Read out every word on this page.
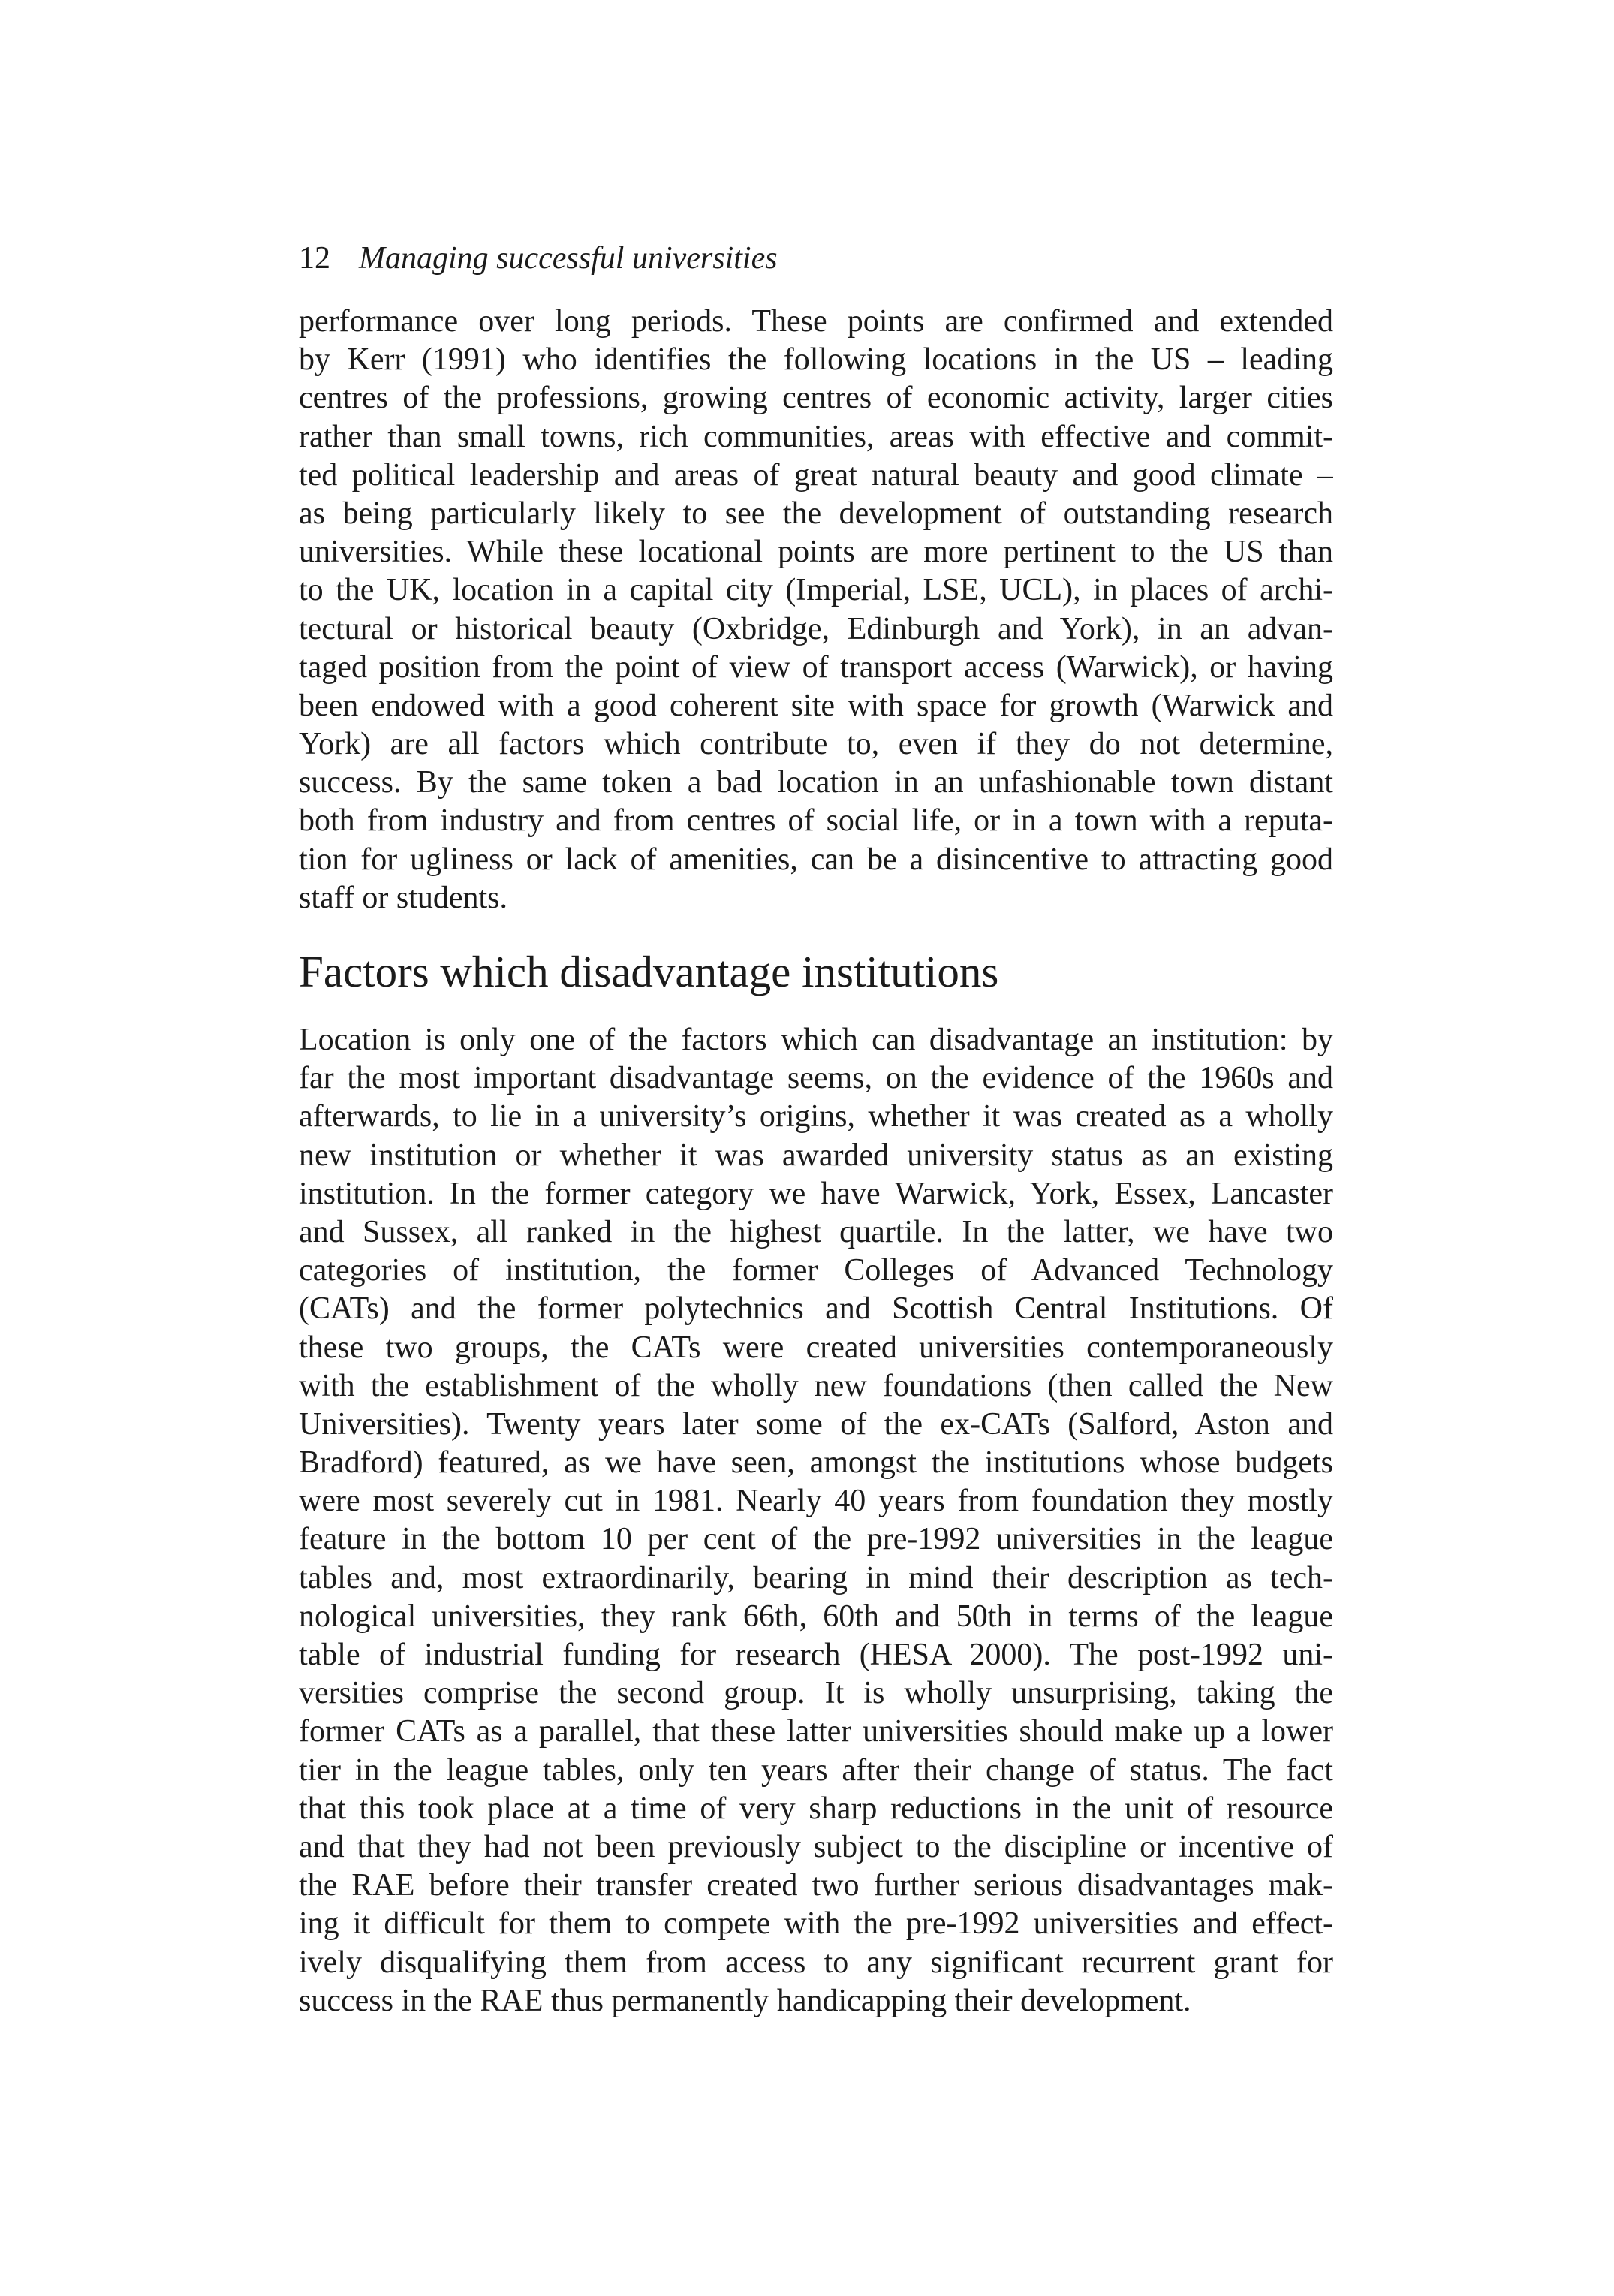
12 Managing successful universities
performance over long periods. These points are confirmed and extended
by Kerr (1991) who identifies the following locations in the US – leading
centres of the professions, growing centres of economic activity, larger cities
rather than small towns, rich communities, areas with effective and commit-
ted political leadership and areas of great natural beauty and good climate –
as being particularly likely to see the development of outstanding research
universities. While these locational points are more pertinent to the US than
to the UK, location in a capital city (Imperial, LSE, UCL), in places of archi-
tectural or historical beauty (Oxbridge, Edinburgh and York), in an advan-
taged position from the point of view of transport access (Warwick), or having
been endowed with a good coherent site with space for growth (Warwick and
York) are all factors which contribute to, even if they do not determine,
success. By the same token a bad location in an unfashionable town distant
both from industry and from centres of social life, or in a town with a reputa-
tion for ugliness or lack of amenities, can be a disincentive to attracting good
staff or students.
Factors which disadvantage institutions
Location is only one of the factors which can disadvantage an institution: by
far the most important disadvantage seems, on the evidence of the 1960s and
afterwards, to lie in a university’s origins, whether it was created as a wholly
new institution or whether it was awarded university status as an existing
institution. In the former category we have Warwick, York, Essex, Lancaster
and Sussex, all ranked in the highest quartile. In the latter, we have two
categories of institution, the former Colleges of Advanced Technology
(CATs) and the former polytechnics and Scottish Central Institutions. Of
these two groups, the CATs were created universities contemporaneously
with the establishment of the wholly new foundations (then called the New
Universities). Twenty years later some of the ex-CATs (Salford, Aston and
Bradford) featured, as we have seen, amongst the institutions whose budgets
were most severely cut in 1981. Nearly 40 years from foundation they mostly
feature in the bottom 10 per cent of the pre-1992 universities in the league
tables and, most extraordinarily, bearing in mind their description as tech-
nological universities, they rank 66th, 60th and 50th in terms of the league
table of industrial funding for research (HESA 2000). The post-1992 uni-
versities comprise the second group. It is wholly unsurprising, taking the
former CATs as a parallel, that these latter universities should make up a lower
tier in the league tables, only ten years after their change of status. The fact
that this took place at a time of very sharp reductions in the unit of resource
and that they had not been previously subject to the discipline or incentive of
the RAE before their transfer created two further serious disadvantages mak-
ing it difficult for them to compete with the pre-1992 universities and effect-
ively disqualifying them from access to any significant recurrent grant for
success in the RAE thus permanently handicapping their development.
